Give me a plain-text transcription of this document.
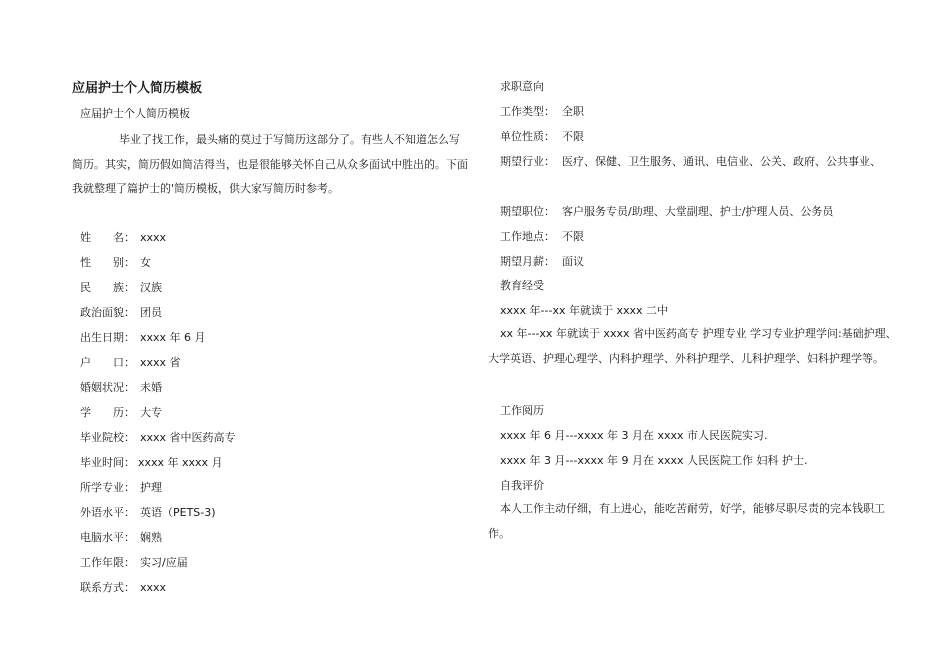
应届护士个人简历模板
应届护士个人简历模板
毕业了找工作，最头痛的莫过于写简历这部分了。有些人不知道怎么写简历。其实，简历假如简洁得当，也是很能够关怀自己从众多面试中胜出的。下面我就整理了篇护士的'简历模板，供大家写简历时参考。
姓　　名： xxxx
性　　别： 女
民　　族： 汉族
政治面貌： 团员
出生日期： xxxx 年 6 月
户　　口： xxxx 省
婚姻状况： 未婚
学　　历： 大专
毕业院校： xxxx 省中医药高专
毕业时间： xxxx 年 xxxx 月
所学专业： 护理
外语水平： 英语（PETS-3)
电脑水平： 娴熟
工作年限： 实习/应届
联系方式： xxxx
求职意向
工作类型： 全职
单位性质： 不限
期望行业： 医疗、保健、卫生服务、通讯、电信业、公关、政府、公共事业、
期望职位： 客户服务专员/助理、大堂副理、护士/护理人员、公务员
工作地点： 不限
期望月薪： 面议
教育经受
xxxx 年---xx 年就读于 xxxx 二中
xx 年---xx 年就读于 xxxx 省中医药高专 护理专业 学习专业护理学问:基础护理、大学英语、护理心理学、内科护理学、外科护理学、儿科护理学、妇科护理学等。
工作阅历
xxxx 年 6 月---xxxx 年 3 月在 xxxx 市人民医院实习.
xxxx 年 3 月---xxxx 年 9 月在 xxxx 人民医院工作 妇科 护士.
自我评价
本人工作主动仔细，有上进心，能吃苦耐劳，好学，能够尽职尽责的完本钱职工作。
